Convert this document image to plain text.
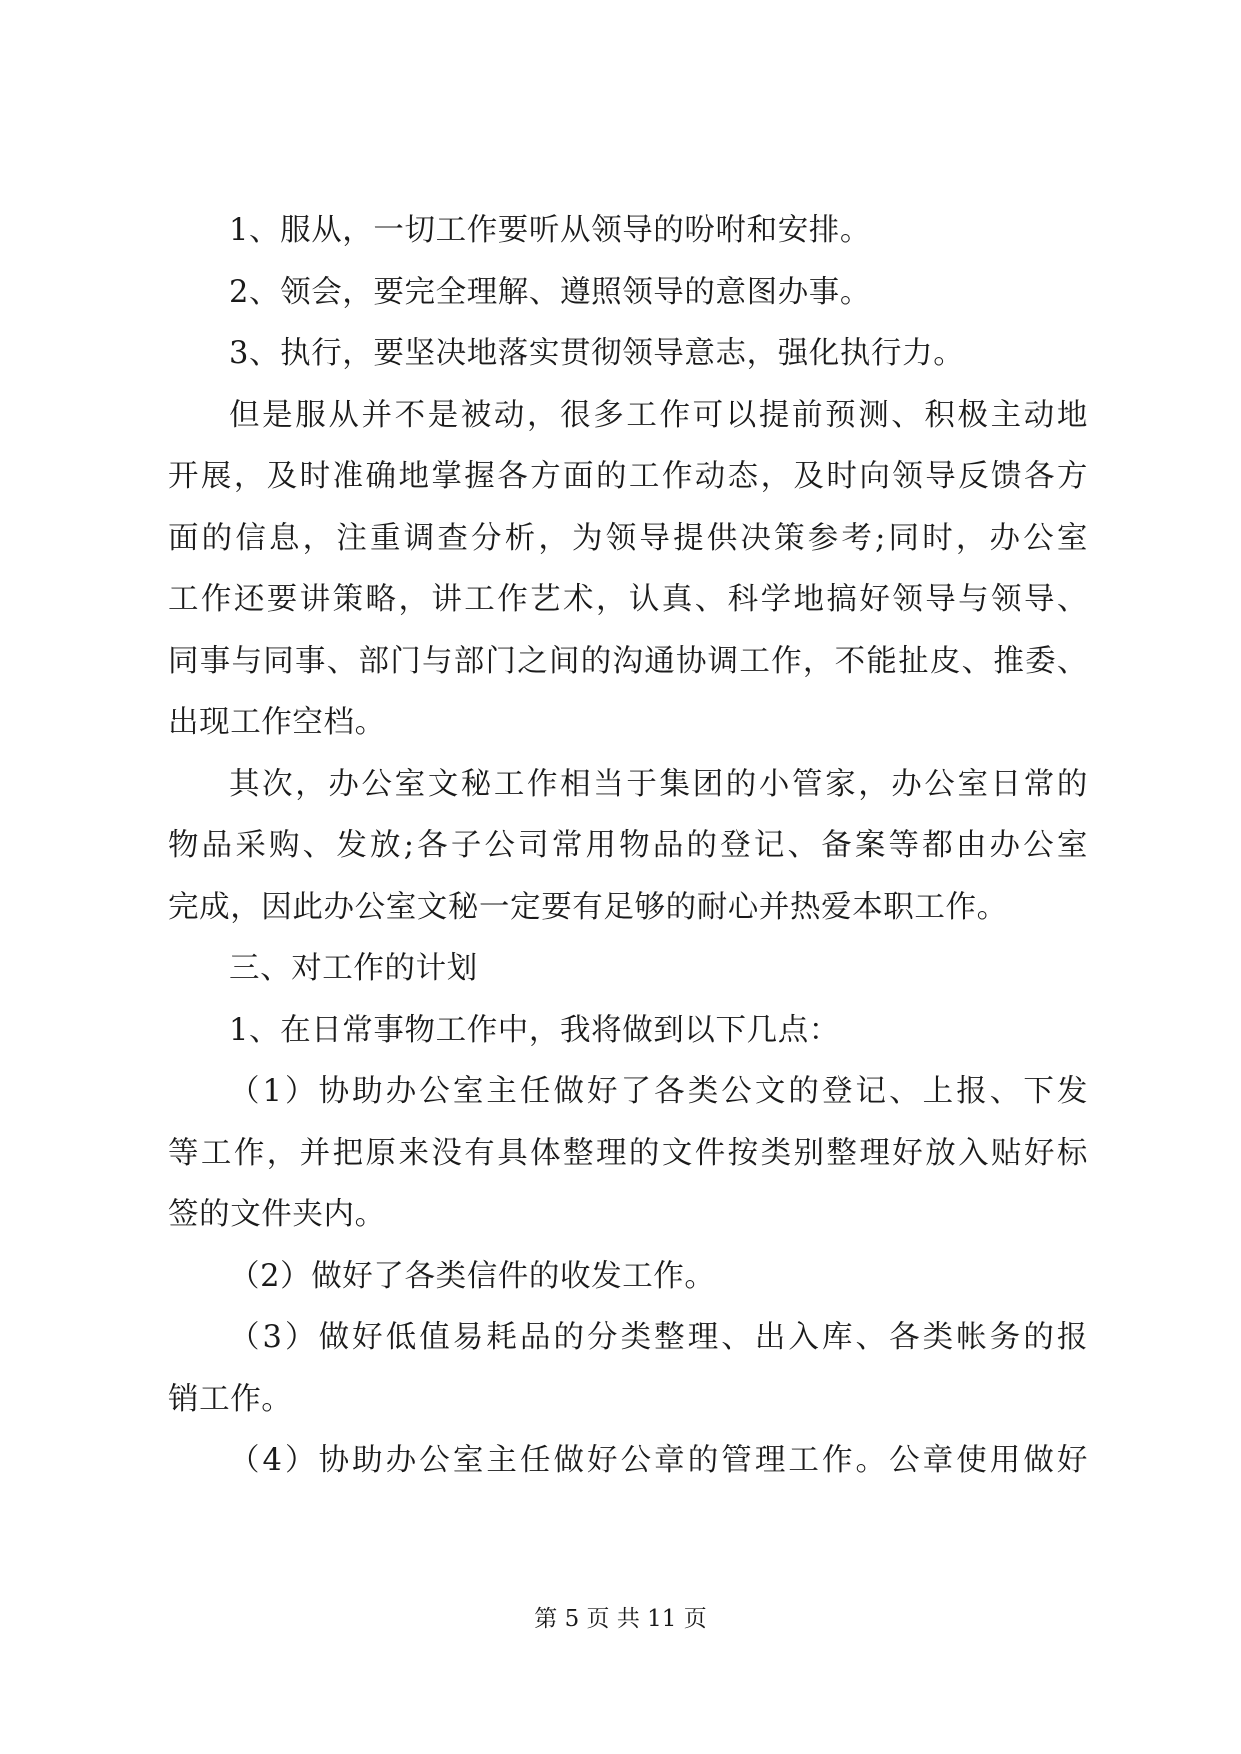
1、服从，一切工作要听从领导的吩咐和安排。
2、领会，要完全理解、遵照领导的意图办事。
3、执行，要坚决地落实贯彻领导意志，强化执行力。
但是服从并不是被动，很多工作可以提前预测、积极主动地
开展，及时准确地掌握各方面的工作动态，及时向领导反馈各方
面的信息，注重调查分析，为领导提供决策参考;同时，办公室
工作还要讲策略，讲工作艺术，认真、科学地搞好领导与领导、
同事与同事、部门与部门之间的沟通协调工作，不能扯皮、推委、
出现工作空档。
其次，办公室文秘工作相当于集团的小管家，办公室日常的
物品采购、发放;各子公司常用物品的登记、备案等都由办公室
完成，因此办公室文秘一定要有足够的耐心并热爱本职工作。
三、对工作的计划
1、在日常事物工作中，我将做到以下几点：
（1）协助办公室主任做好了各类公文的登记、上报、下发
等工作，并把原来没有具体整理的文件按类别整理好放入贴好标
签的文件夹内。
（2）做好了各类信件的收发工作。
（3）做好低值易耗品的分类整理、出入库、各类帐务的报
销工作。
（4）协助办公室主任做好公章的管理工作。公章使用做好
第 5 页 共 11 页
